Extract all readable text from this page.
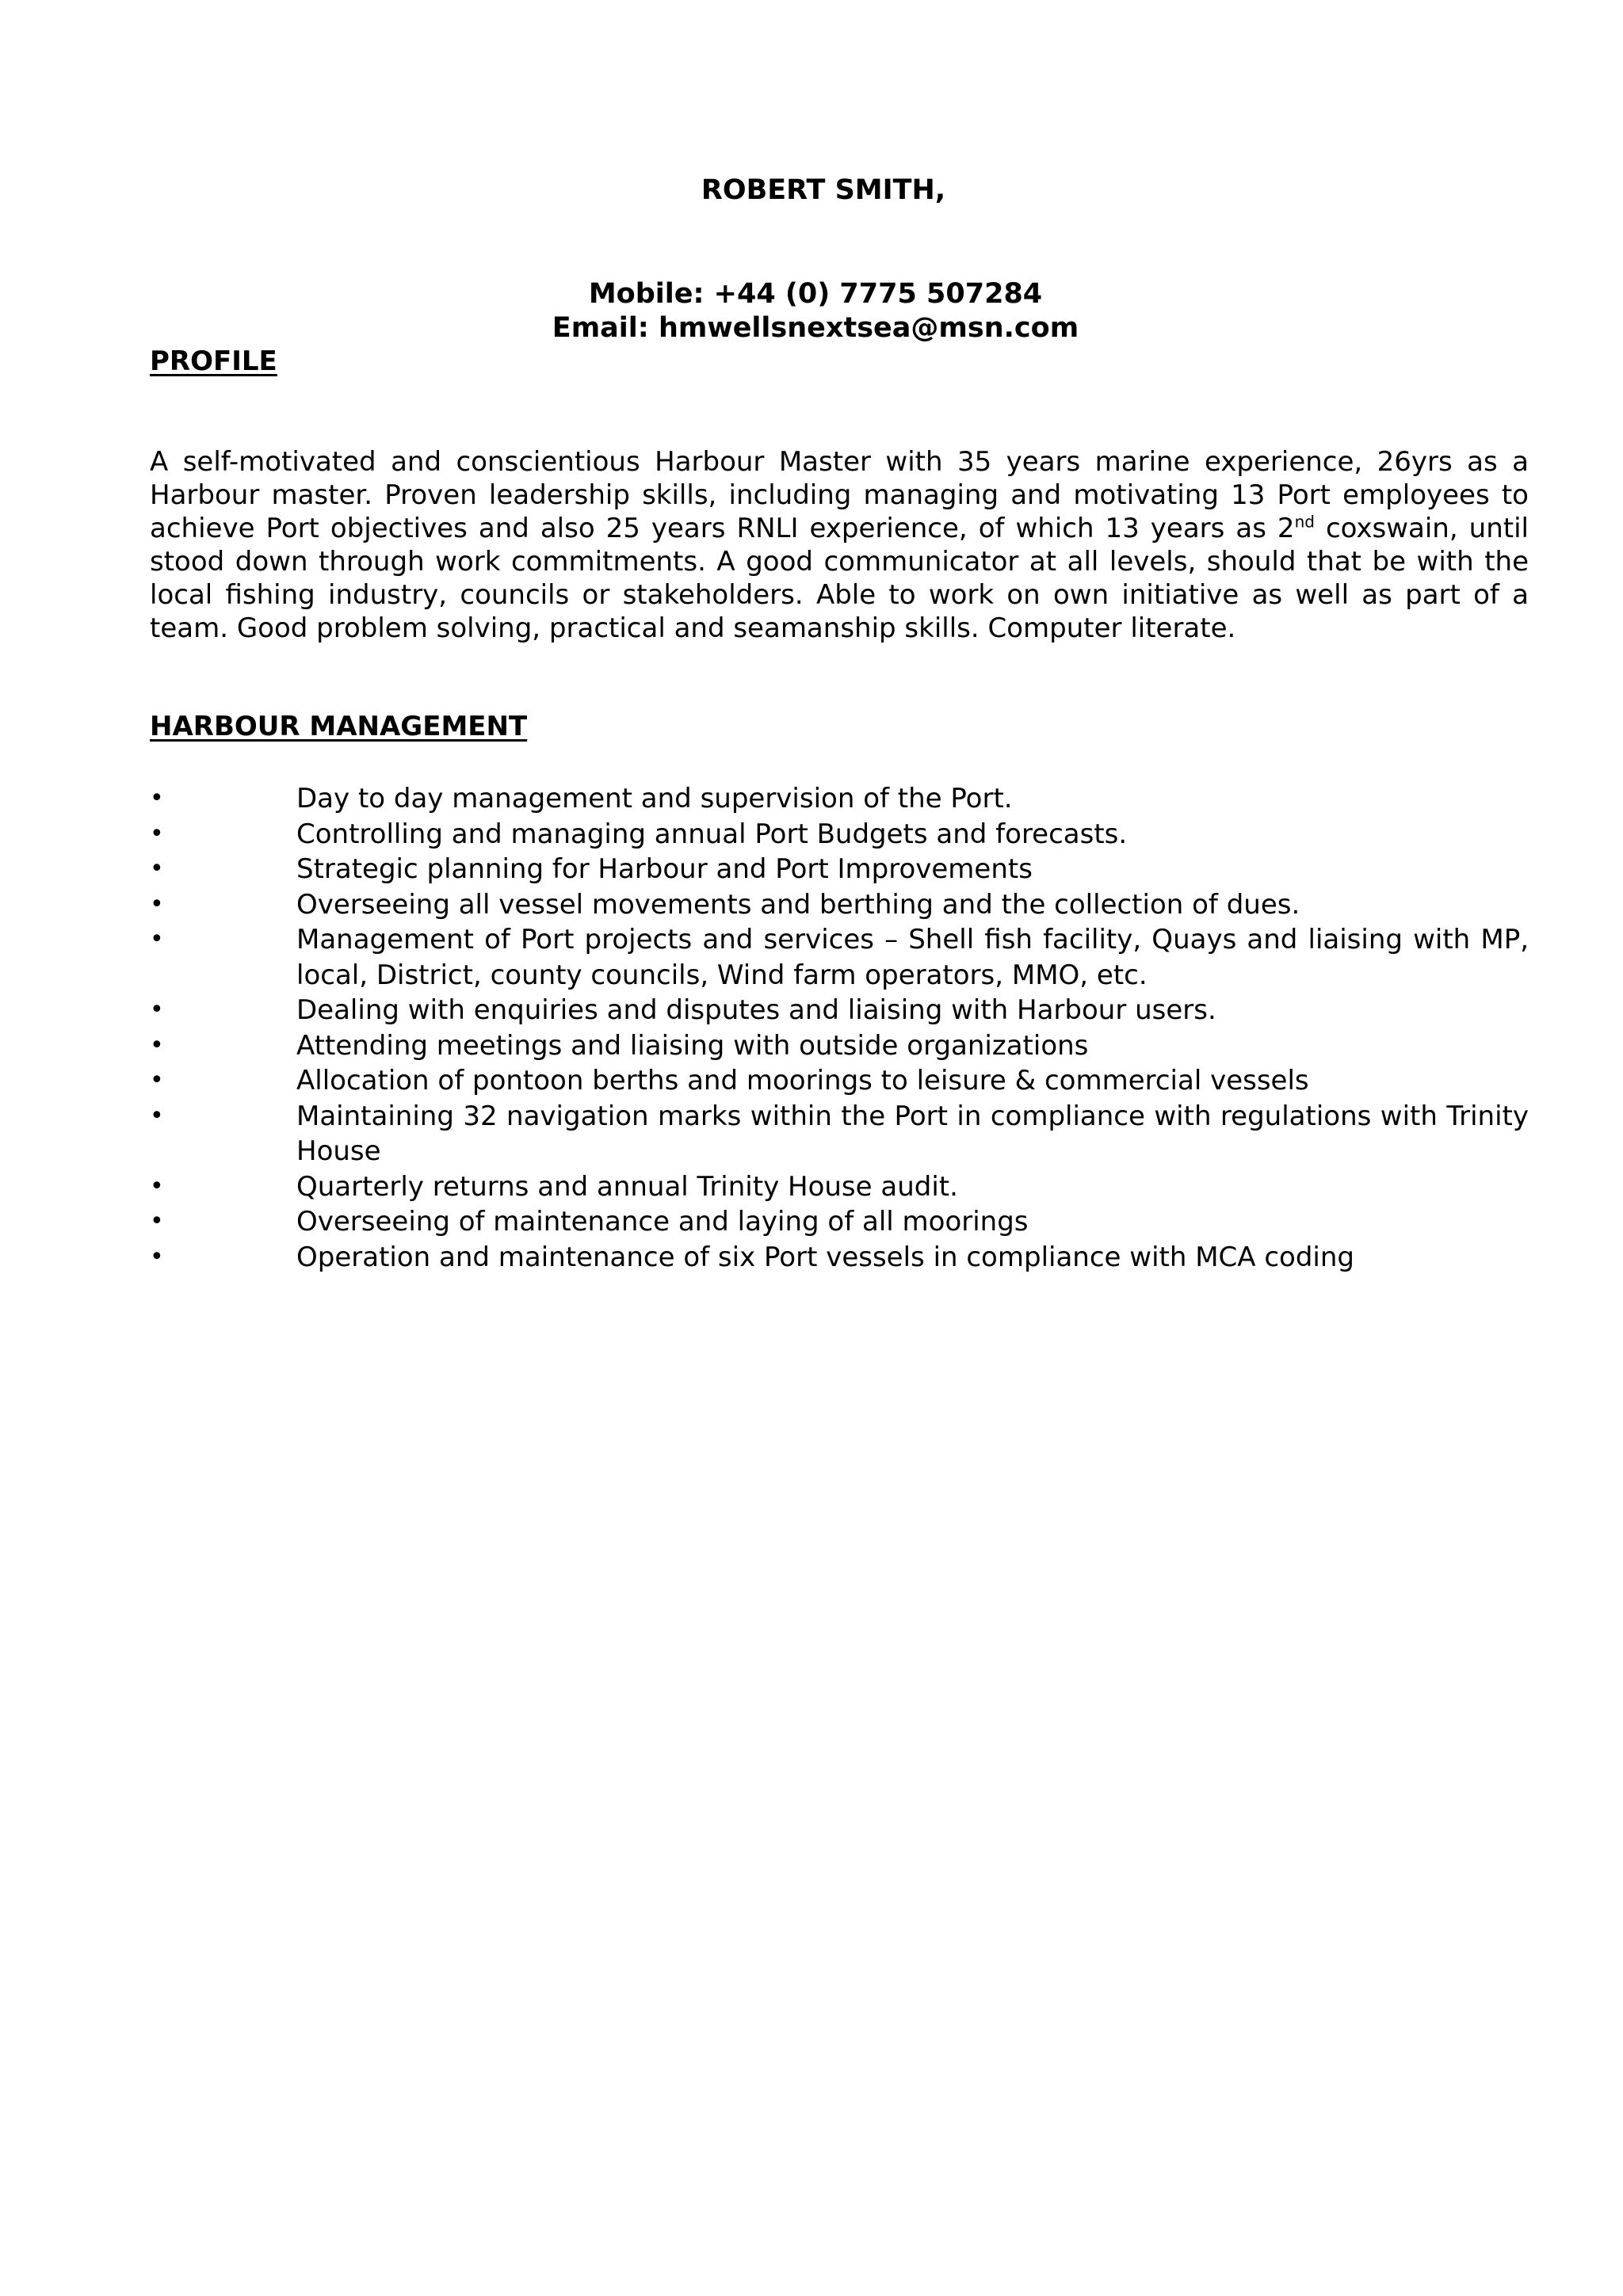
ROBERT SMITH,
Mobile: +44 (0) 7775 507284
Email: hmwellsnextsea@msn.com
PROFILE
A self-motivated and conscientious Harbour Master with 35 years marine experience, 26yrs as a Harbour master. Proven leadership skills, including managing and motivating 13 Port employees to achieve Port objectives and also 25 years RNLI experience, of which 13 years as 2nd coxswain, until stood down through work commitments. A good communicator at all levels, should that be with the local fishing industry, councils or stakeholders. Able to work on own initiative as well as part of a team. Good problem solving, practical and seamanship skills. Computer literate.
HARBOUR MANAGEMENT
•	Day to day management and supervision of the Port.
•	Controlling and managing annual Port Budgets and forecasts.
•	Strategic planning for Harbour and Port Improvements
•	Overseeing all vessel movements and berthing and the collection of dues.
•	Management of Port projects and services – Shell fish facility, Quays and liaising with MP, local, District, county councils, Wind farm operators, MMO, etc.
•	Dealing with enquiries and disputes and liaising with Harbour users.
•	Attending meetings and liaising with outside organizations
•	Allocation of pontoon berths and moorings to leisure & commercial vessels
•	Maintaining 32 navigation marks within the Port in compliance with regulations with Trinity House
•	Quarterly returns and annual Trinity House audit.
•	Overseeing of maintenance and laying of all moorings
•	Operation and maintenance of six Port vessels in compliance with MCA coding
